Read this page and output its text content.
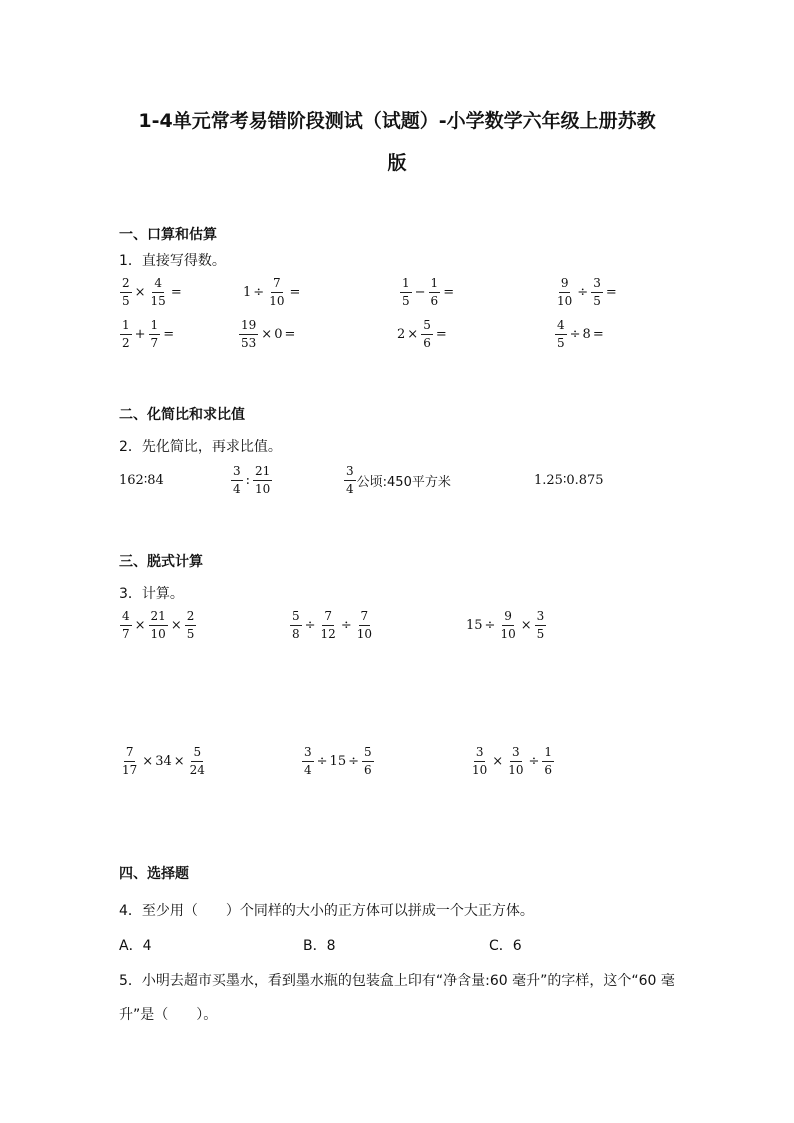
1-4单元常考易错阶段测试（试题）-小学数学六年级上册苏教
版
一、口算和估算
1．直接写得数。
$\frac{2}{5} \times \frac{4}{15}$ =	$1 \div \frac{7}{10}$ =	$\frac{1}{5} - \frac{1}{6}$ =	$\frac{9}{10} \div \frac{3}{5}$ =
$\frac{1}{2} + \frac{1}{7}$ =	$\frac{19}{53} \times 0$ =	$2 \times \frac{5}{6}$ =	$\frac{4}{5} \div 8$ =
二、化简比和求比值
2．先化简比，再求比值。
162∶84	$\frac{3}{4}$ : $\frac{21}{10}$	$\frac{3}{4}$ 公顷:450平方米	1.25∶0.875
三、脱式计算
3．计算。
$\frac{4}{7} \times \frac{21}{10} \times \frac{2}{5}$	$\frac{5}{8} \div \frac{7}{12} \div \frac{7}{10}$	$15 \div \frac{9}{10} \times \frac{3}{5}$
$\frac{7}{17} \times 34 \times \frac{5}{24}$	$\frac{3}{4} \div 15 \div \frac{5}{6}$	$\frac{3}{10} \times \frac{3}{10} \div \frac{1}{6}$
四、选择题
4．至少用（　　）个同样的大小的正方体可以拼成一个大正方体。
A．4	B．8	C．6
5．小明去超市买墨水，看到墨水瓶的包装盒上印有“净含量:60 毫升”的字样，这个“60 毫
升”是（　　）。
